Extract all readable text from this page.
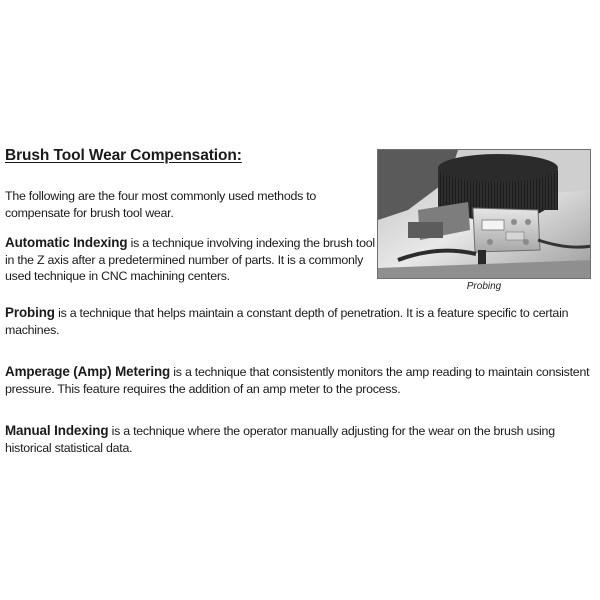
Brush Tool Wear Compensation:

The following are the four most commonly used methods to compensate for brush tool wear.

Automatic Indexing is a technique involving indexing the brush tool in the Z axis after a predetermined number of parts. It is a commonly used technique in CNC machining centers.

Probing

Probing is a technique that helps maintain a constant depth of penetration. It is a feature specific to certain machines.

Amperage (Amp) Metering is a technique that consistently monitors the amp reading to maintain consistent pressure. This feature requires the addition of an amp meter to the process.

Manual Indexing is a technique where the operator manually adjusting for the wear on the brush using historical statistical data.
